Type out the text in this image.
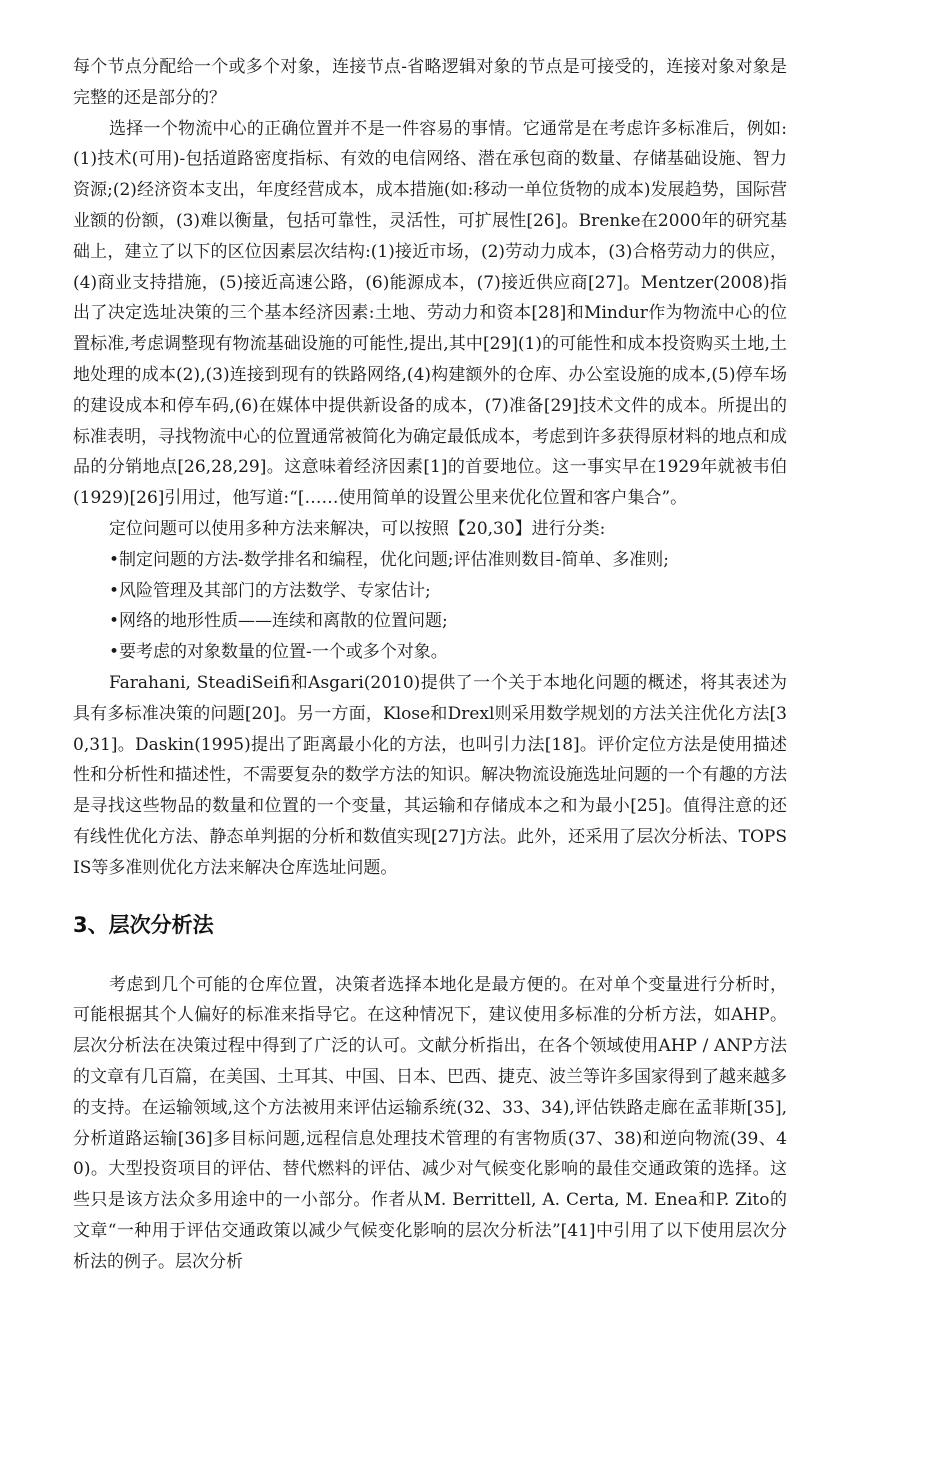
每个节点分配给一个或多个对象，连接节点-省略逻辑对象的节点是可接受的，连接对象对象是完整的还是部分的？

选择一个物流中心的正确位置并不是一件容易的事情。它通常是在考虑许多标准后，例如:(1)技术(可用)-包括道路密度指标、有效的电信网络、潜在承包商的数量、存储基础设施、智力资源;(2)经济资本支出，年度经营成本，成本措施(如:移动一单位货物的成本)发展趋势，国际营业额的份额，(3)难以衡量，包括可靠性，灵活性，可扩展性[26]。Brenke在2000年的研究基础上，建立了以下的区位因素层次结构:(1)接近市场，(2)劳动力成本，(3)合格劳动力的供应，(4)商业支持措施，(5)接近高速公路，(6)能源成本，(7)接近供应商[27]。Mentzer(2008)指出了决定选址决策的三个基本经济因素:土地、劳动力和资本[28]和Mindur作为物流中心的位置标准,考虑调整现有物流基础设施的可能性,提出,其中[29](1)的可能性和成本投资购买土地,土地处理的成本(2),(3)连接到现有的铁路网络,(4)构建额外的仓库、办公室设施的成本,(5)停车场的建设成本和停车码,(6)在媒体中提供新设备的成本，(7)准备[29]技术文件的成本。所提出的标准表明，寻找物流中心的位置通常被简化为确定最低成本，考虑到许多获得原材料的地点和成品的分销地点[26,28,29]。这意味着经济因素[1]的首要地位。这一事实早在1929年就被韦伯(1929)[26]引用过，他写道:“[……使用简单的设置公里来优化位置和客户集合”。

定位问题可以使用多种方法来解决，可以按照【20,30】进行分类:

•制定问题的方法-数学排名和编程，优化问题;评估准则数目-简单、多准则;

•风险管理及其部门的方法数学、专家估计;

•网络的地形性质——连续和离散的位置问题;

•要考虑的对象数量的位置-一个或多个对象。

Farahani, SteadiSeifi和Asgari(2010)提供了一个关于本地化问题的概述，将其表述为具有多标准决策的问题[20]。另一方面，Klose和Drexl则采用数学规划的方法关注优化方法[30,31]。Daskin(1995)提出了距离最小化的方法，也叫引力法[18]。评价定位方法是使用描述性和分析性和描述性，不需要复杂的数学方法的知识。解决物流设施选址问题的一个有趣的方法是寻找这些物品的数量和位置的一个变量，其运输和存储成本之和为最小[25]。值得注意的还有线性优化方法、静态单判据的分析和数值实现[27]方法。此外，还采用了层次分析法、TOPSIS等多准则优化方法来解决仓库选址问题。

3、层次分析法

考虑到几个可能的仓库位置，决策者选择本地化是最方便的。在对单个变量进行分析时，可能根据其个人偏好的标准来指导它。在这种情况下，建议使用多标准的分析方法，如AHP。层次分析法在决策过程中得到了广泛的认可。文献分析指出，在各个领域使用AHP / ANP方法的文章有几百篇，在美国、土耳其、中国、日本、巴西、捷克、波兰等许多国家得到了越来越多的支持。在运输领域,这个方法被用来评估运输系统(32、33、34),评估铁路走廊在孟菲斯[35],分析道路运输[36]多目标问题,远程信息处理技术管理的有害物质(37、38)和逆向物流(39、40)。大型投资项目的评估、替代燃料的评估、减少对气候变化影响的最佳交通政策的选择。这些只是该方法众多用途中的一小部分。作者从M. Berrittell, A. Certa, M. Enea和P. Zito的文章“一种用于评估交通政策以减少气候变化影响的层次分析法”[41]中引用了以下使用层次分析法的例子。层次分析
